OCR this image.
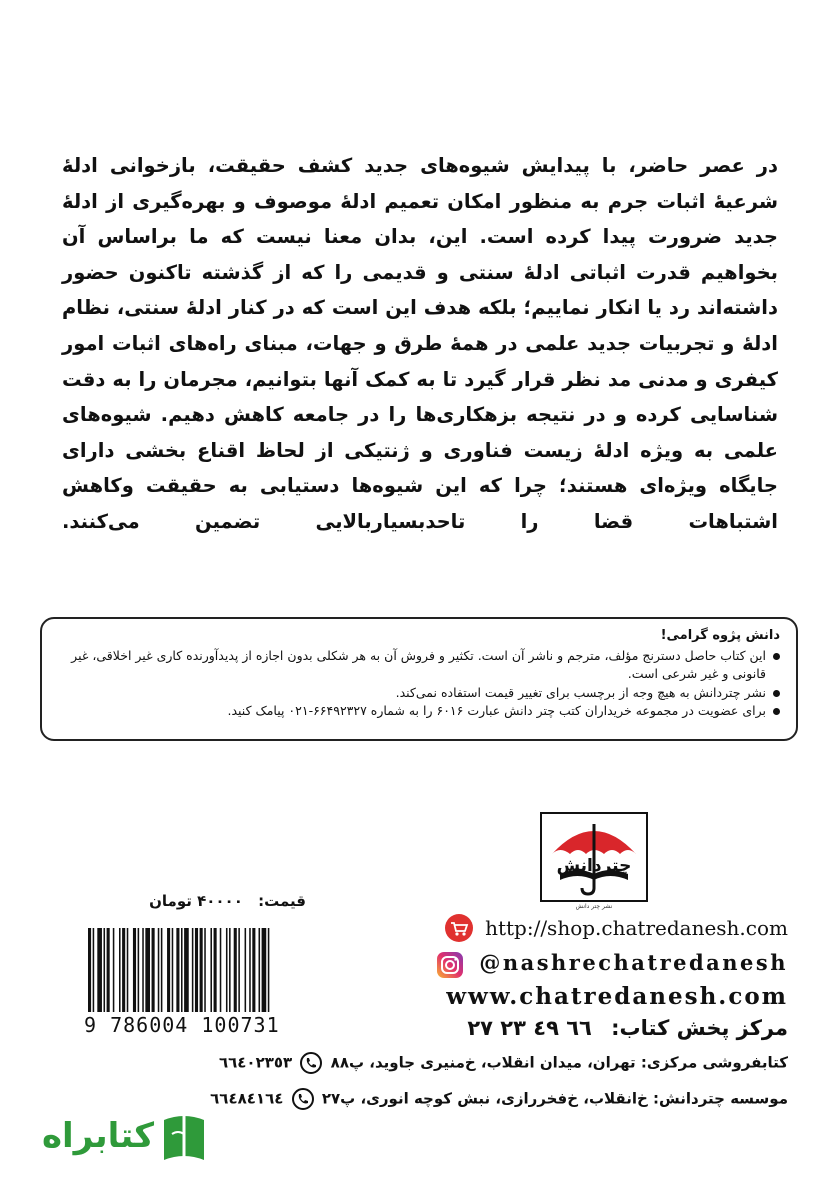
در عصر حاضر، با پیدایش شیوه‌های جدید کشف حقیقت، بازخوانی ادلۀ شرعیۀ اثبات جرم به منظور امکان تعمیم ادلۀ موصوف و بهره‌گیری از ادلۀ جدید ضرورت پیدا کرده است. این، بدان معنا نیست که ما براساس آن بخواهیم قدرت اثباتی ادلۀ سنتی و قدیمی را که از گذشته تاکنون حضور داشته‌اند رد یا انکار نماییم؛ بلکه هدف این است که در کنار ادلۀ سنتی، نظام ادلۀ و تجربیات جدید علمی در همۀ طرق و جهات، مبنای راه‌های اثبات امور کیفری و مدنی مد نظر قرار گیرد تا به کمک آنها بتوانیم، مجرمان را به دقت شناسایی کرده و در نتیجه بزهکاری‌ها را در جامعه کاهش دهیم. شیوه‌های علمی به ویژه ادلۀ زیست فناوری و ژنتیکی از لحاظ اقناع بخشی دارای جایگاه ویژه‌ای هستند؛ چرا که این شیوه‌ها دستیابی به حقیقت وکاهش اشتباهات قضا را تاحدبسیاربالایی تضمین می‌کنند.

دانش پژوه گرامی!
این کتاب حاصل دسترنج مؤلف، مترجم و ناشر آن است. تکثیر و فروش آن به هر شکلی بدون اجازه از پدیدآورنده کاری غیر اخلاقی، غیر قانونی و غیر شرعی است.
نشر چتردانش به هیچ وجه از برچسب برای تغییر قیمت استفاده نمی‌کند.
برای عضویت در مجموعه خریداران کتب چتر دانش عبارت ۶۰۱۶ را به شماره ۶۶۴۹۲۳۲۷-۰۲۱ پیامک کنید.
چتردانش
نشر چتر دانش
قیمت: ۴۰۰۰۰ تومان
9 786004 100731
http://shop.chatredanesh.com
@nashrechatredanesh
www.chatredanesh.com
مرکز پخش کتاب: ٦٦ ٤٩ ٢٣ ٢٧
کتابفروشی مرکزی: تهران، میدان انقلاب، خ‌منیری جاوید، پ۸۸  ٦٦٤٠٢٣٥٣
موسسه چتردانش: خ‌انقلاب، خ‌فخررازی، نبش کوچه انوری، پ۲۷  ٦٦٤٨٤١٦٤
کتابراه
